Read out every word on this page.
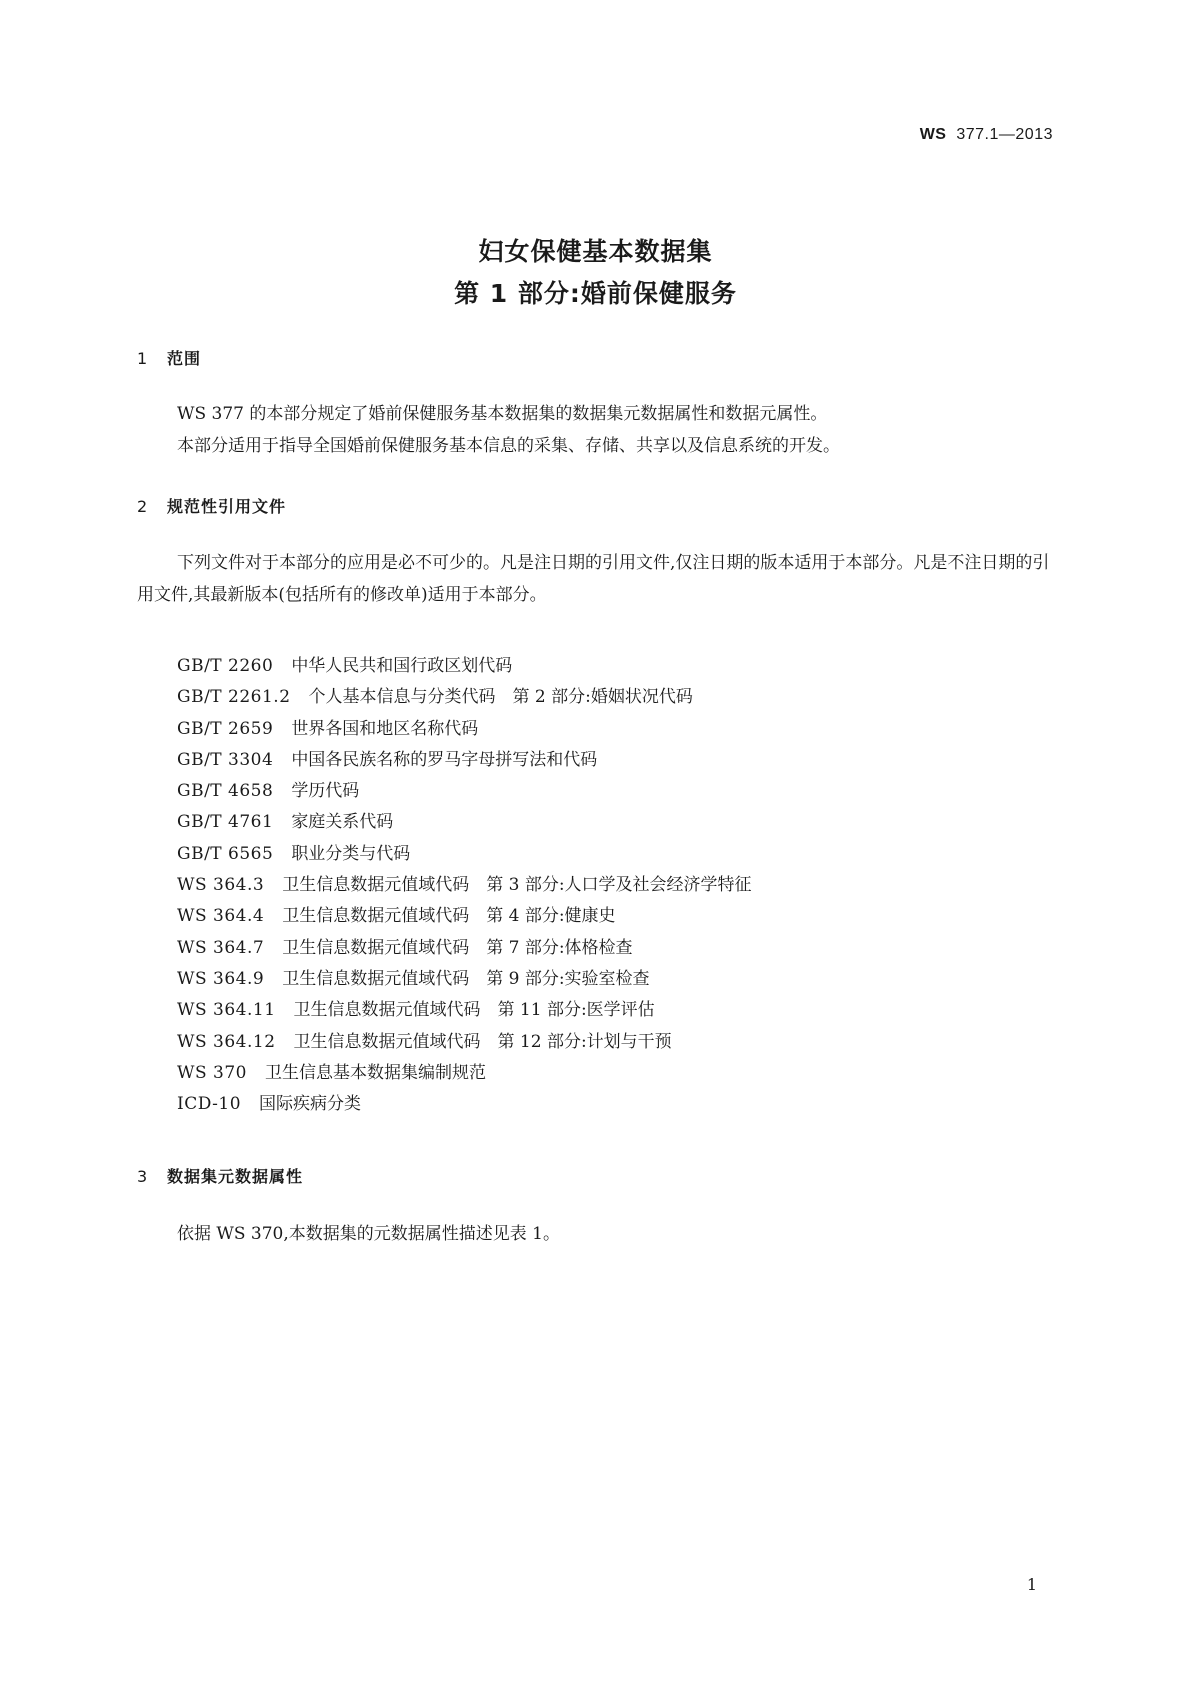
WS 377.1—2013
妇女保健基本数据集
第 1 部分:婚前保健服务
1 范围
WS 377 的本部分规定了婚前保健服务基本数据集的数据集元数据属性和数据元属性。
本部分适用于指导全国婚前保健服务基本信息的采集、存储、共享以及信息系统的开发。
2 规范性引用文件
下列文件对于本部分的应用是必不可少的。凡是注日期的引用文件,仅注日期的版本适用于本部分。凡是不注日期的引用文件,其最新版本(包括所有的修改单)适用于本部分。
GB/T 2260 中华人民共和国行政区划代码
GB/T 2261.2 个人基本信息与分类代码　第 2 部分:婚姻状况代码
GB/T 2659 世界各国和地区名称代码
GB/T 3304 中国各民族名称的罗马字母拼写法和代码
GB/T 4658 学历代码
GB/T 4761 家庭关系代码
GB/T 6565 职业分类与代码
WS 364.3 卫生信息数据元值域代码　第 3 部分:人口学及社会经济学特征
WS 364.4 卫生信息数据元值域代码　第 4 部分:健康史
WS 364.7 卫生信息数据元值域代码　第 7 部分:体格检查
WS 364.9 卫生信息数据元值域代码　第 9 部分:实验室检查
WS 364.11 卫生信息数据元值域代码　第 11 部分:医学评估
WS 364.12 卫生信息数据元值域代码　第 12 部分:计划与干预
WS 370 卫生信息基本数据集编制规范
ICD-10 国际疾病分类
3 数据集元数据属性
依据 WS 370,本数据集的元数据属性描述见表 1。
1
